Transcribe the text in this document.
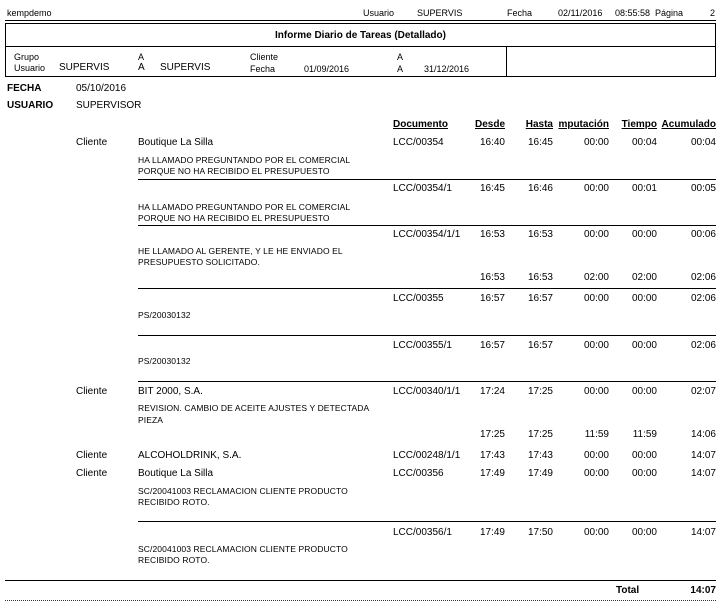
kempdemo	Usuario	SUPERVIS	Fecha	02/11/2016 08:55:58 Página	2
Informe Diario de Tareas (Detallado)
Grupo	A
Usuario SUPERVIS	A SUPERVIS
Cliente	A
Fecha	01/09/2016	A 31/12/2016
FECHA	05/10/2016
USUARIO SUPERVISOR
Documento	Desde Hasta mputación Tiempo Acumulado
Cliente	Boutique La Silla	LCC/00354	16:40 16:45	00:00 00:04	00:04
HA LLAMADO PREGUNTANDO POR EL COMERCIAL
PORQUE NO HA RECIBIDO EL PRESUPUESTO
LCC/00354/1	16:45 16:46	00:00 00:01	00:05
HA LLAMADO PREGUNTANDO POR EL COMERCIAL
PORQUE NO HA RECIBIDO EL PRESUPUESTO
LCC/00354/1/1 16:53 16:53	00:00 00:00	00:06
HE LLAMADO AL GERENTE, Y LE HE ENVIADO EL
PRESUPUESTO SOLICITADO.
16:53 16:53	02:00 02:00	02:06
LCC/00355	16:57 16:57	00:00 00:00	02:06
PS/20030132
LCC/00355/1	16:57 16:57	00:00 00:00	02:06
PS/20030132
Cliente	BIT 2000, S.A.	LCC/00340/1/1 17:24 17:25	00:00 00:00	02:07
REVISION. CAMBIO DE ACEITE AJUSTES Y DETECTADA
PIEZA
17:25 17:25	11:59 11:59	14:06
Cliente	ALCOHOLDRINK, S.A.	LCC/00248/1/1 17:43 17:43	00:00 00:00	14:07
Cliente	Boutique La Silla	LCC/00356	17:49 17:49	00:00 00:00	14:07
SC/20041003 RECLAMACION CLIENTE PRODUCTO
RECIBIDO ROTO.
LCC/00356/1	17:49 17:50	00:00 00:00	14:07
SC/20041003 RECLAMACION CLIENTE PRODUCTO
RECIBIDO ROTO.
Total	14:07
